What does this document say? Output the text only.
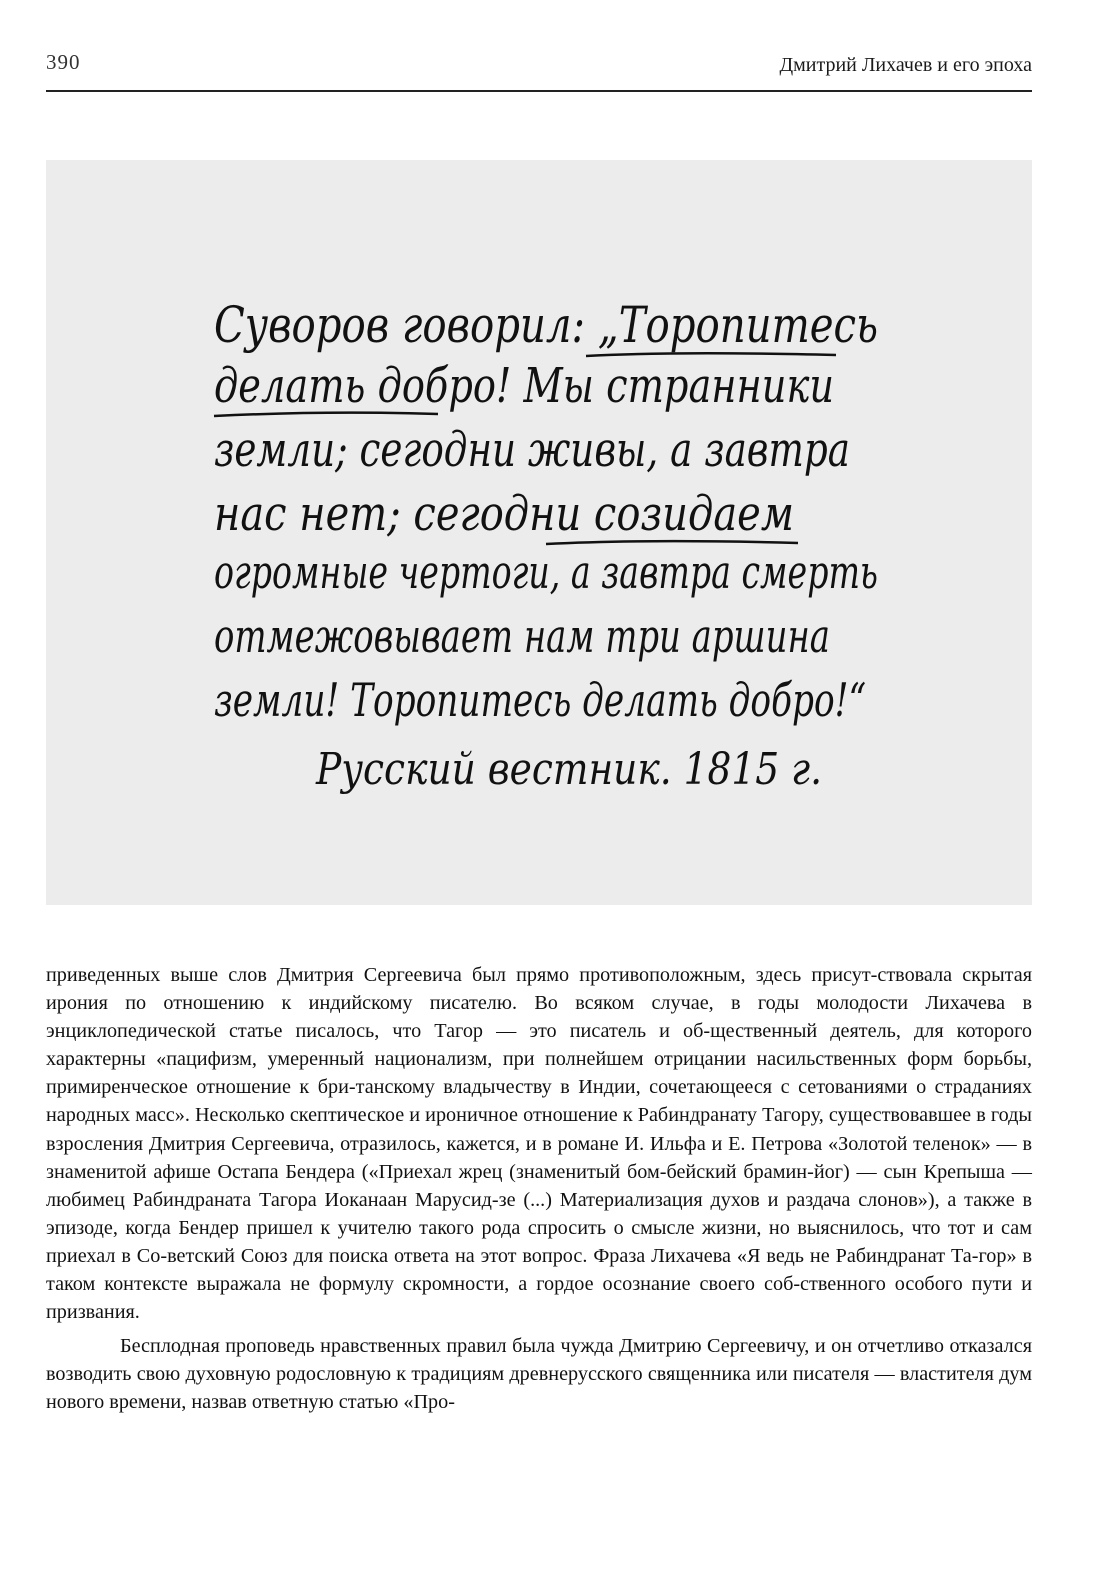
390	Дмитрий Лихачев и его эпоха
Суворов говорил: „Торопитесь
делать добро! Мы странники
земли; сегодни живы, а завтра
нас нет; сегодни созидаем
огромные чертоги, а завтра смерть
отмежовывает нам три аршина
земли! Торопитесь делать добро!“
Русский вестник. 1815 г.

приведенных выше слов Дмитрия Сергеевича был прямо противоположным, здесь присут-ствовала скрытая ирония по отношению к индийскому писателю. Во всяком случае, в годы молодости Лихачева в энциклопедической статье писалось, что Тагор — это писатель и об-щественный деятель, для которого характерны «пацифизм, умеренный национализм, при полнейшем отрицании насильственных форм борьбы, примиренческое отношение к бри-танскому владычеству в Индии, сочетающееся с сетованиями о страданиях народных масс». Несколько скептическое и ироничное отношение к Рабиндранату Тагору, существовавшее в годы взросления Дмитрия Сергеевича, отразилось, кажется, и в романе И. Ильфа и Е. Петрова «Золотой теленок» — в знаменитой афише Остапа Бендера («Приехал жрец (знаменитый бом-бейский брамин-йог) — сын Крепыша — любимец Рабиндраната Тагора Иоканаан Марусид-зе (...) Материализация духов и раздача слонов»), а также в эпизоде, когда Бендер пришел к учителю такого рода спросить о смысле жизни, но выяснилось, что тот и сам приехал в Со-ветский Союз для поиска ответа на этот вопрос. Фраза Лихачева «Я ведь не Рабиндранат Та-гор» в таком контексте выражала не формулу скромности, а гордое осознание своего соб-ственного особого пути и призвания.

Бесплодная проповедь нравственных правил была чужда Дмитрию Сергеевичу, и он отчетливо отказался возводить свою духовную родословную к традициям древнерусского священника или писателя — властителя дум нового времени, назвав ответную статью «Про-
